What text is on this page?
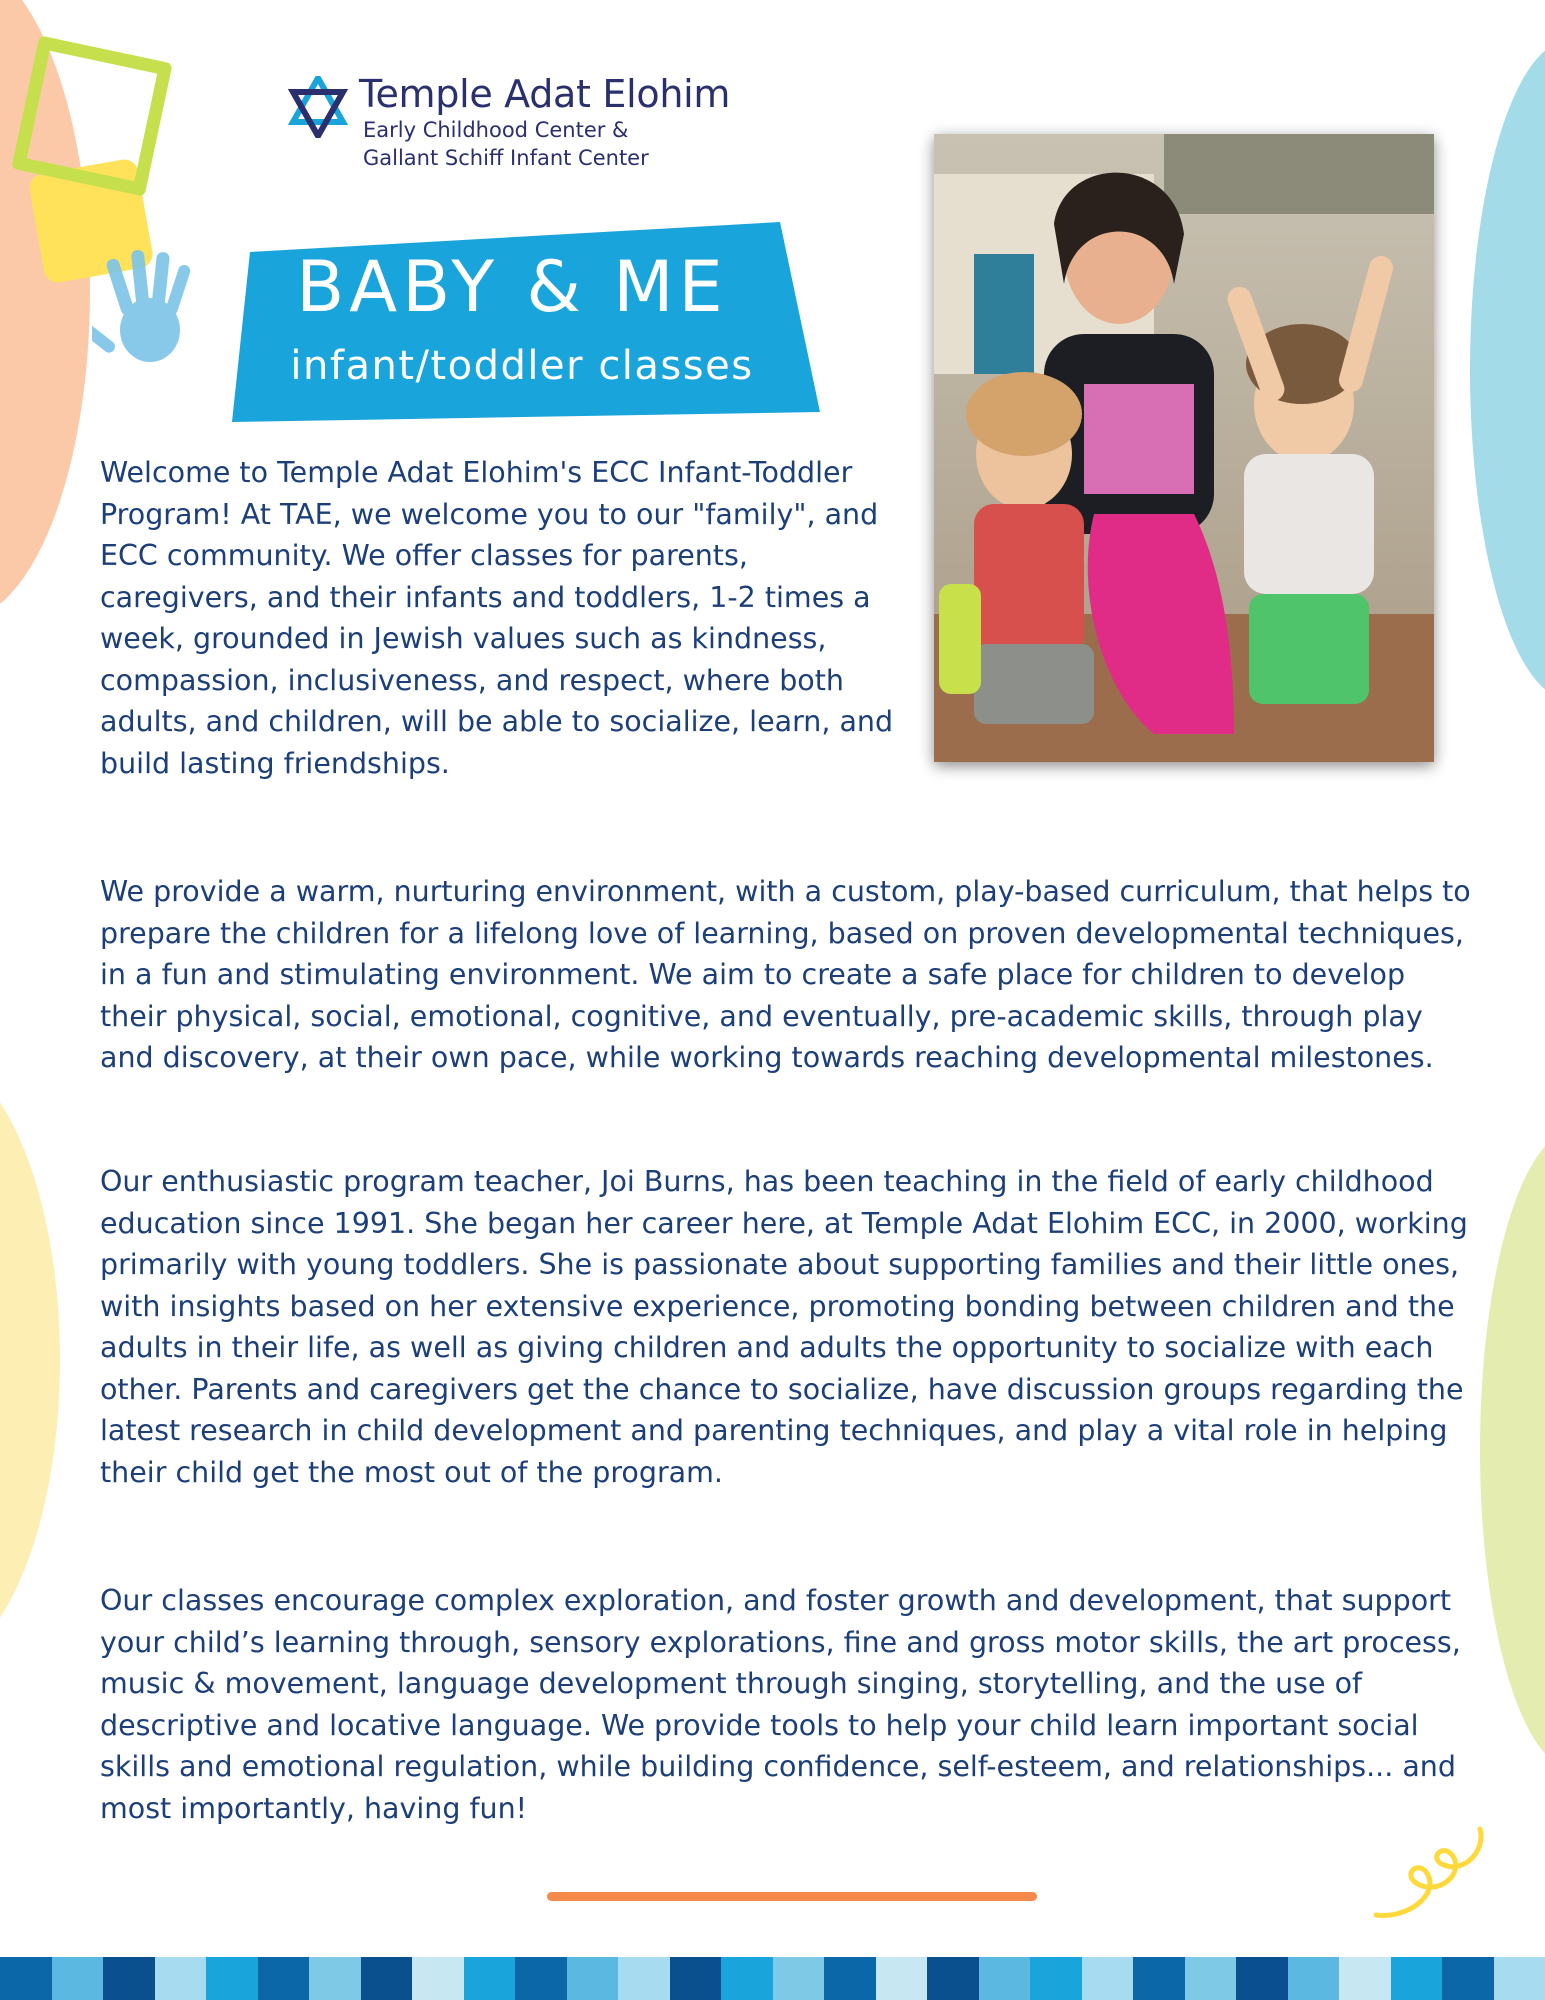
Temple Adat Elohim
Early Childhood Center &
Gallant Schiff Infant Center
BABY & ME
infant/toddler classes
Welcome to Temple Adat Elohim's ECC Infant-Toddler Program! At TAE, we welcome you to our "family", and ECC community. We offer classes for parents, caregivers, and their infants and toddlers, 1-2 times a week, grounded in Jewish values such as kindness, compassion, inclusiveness, and respect, where both adults, and children, will be able to socialize, learn, and build lasting friendships.
We provide a warm, nurturing environment, with a custom, play-based curriculum, that helps to prepare the children for a lifelong love of learning, based on proven developmental techniques, in a fun and stimulating environment. We aim to create a safe place for children to develop their physical, social, emotional, cognitive, and eventually, pre-academic skills, through play and discovery, at their own pace, while working towards reaching developmental milestones.
Our enthusiastic program teacher, Joi Burns, has been teaching in the field of early childhood education since 1991. She began her career here, at Temple Adat Elohim ECC, in 2000, working primarily with young toddlers. She is passionate about supporting families and their little ones, with insights based on her extensive experience, promoting bonding between children and the adults in their life, as well as giving children and adults the opportunity to socialize with each other. Parents and caregivers get the chance to socialize, have discussion groups regarding the latest research in child development and parenting techniques, and play a vital role in helping their child get the most out of the program.
Our classes encourage complex exploration, and foster growth and development, that support your child’s learning through, sensory explorations, fine and gross motor skills, the art process, music & movement, language development through singing, storytelling, and the use of descriptive and locative language. We provide tools to help your child learn important social skills and emotional regulation, while building confidence, self-esteem, and relationships... and most importantly, having fun!
